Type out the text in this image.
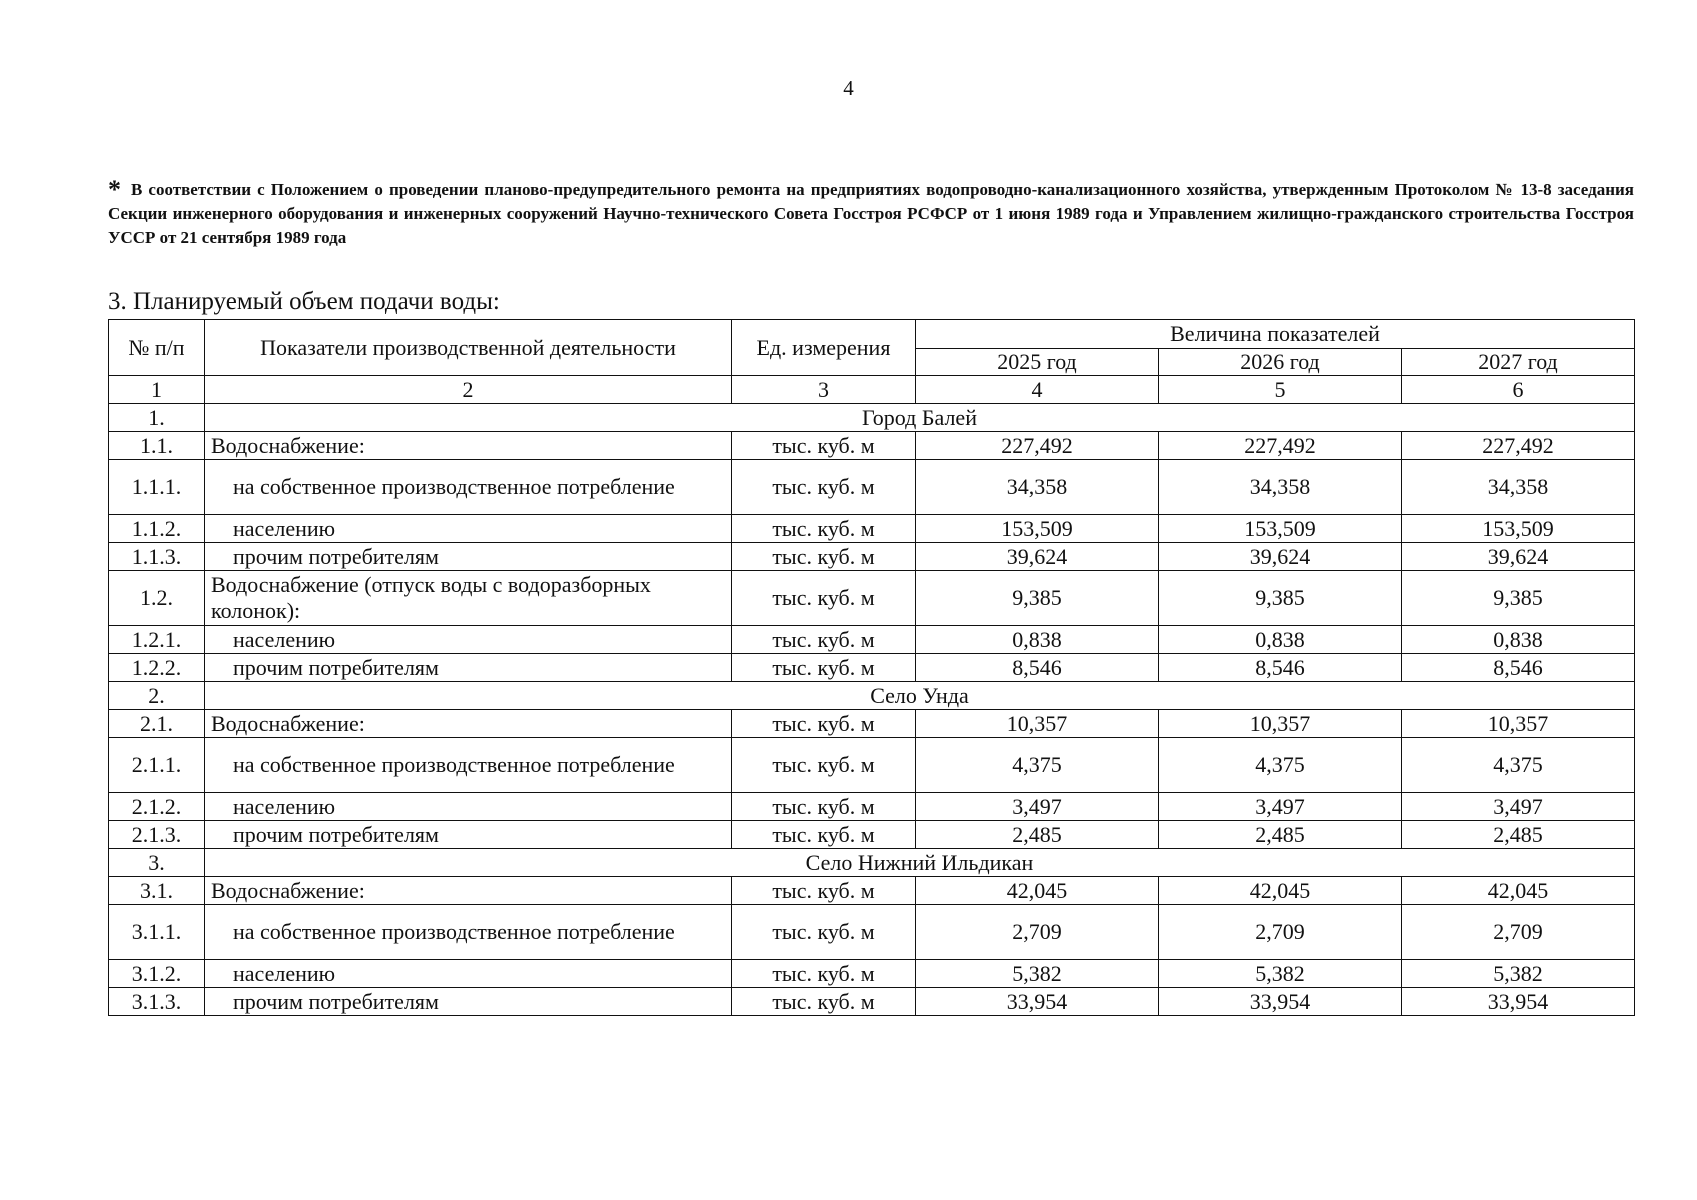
4
* В соответствии с Положением о проведении планово-предупредительного ремонта на предприятиях водопроводно-канализационного хозяйства, утвержденным Протоколом № 13-8 заседания Секции инженерного оборудования и инженерных сооружений Научно-технического Совета Госстроя РСФСР от 1 июня 1989 года и Управлением жилищно-гражданского строительства Госстроя УССР от 21 сентября 1989 года
3. Планируемый объем подачи воды:
№ п/п	Показатели производственной деятельности	Ед. измерения	Величина показателей		
			2025 год	2026 год	2027 год
1	2	3	4	5	6
1.	Город Балей				
1.1.	Водоснабжение:	тыс. куб. м	227,492	227,492	227,492
1.1.1.	на собственное производственное потребление	тыс. куб. м	34,358	34,358	34,358
1.1.2.	населению	тыс. куб. м	153,509	153,509	153,509
1.1.3.	прочим потребителям	тыс. куб. м	39,624	39,624	39,624
1.2.	Водоснабжение (отпуск воды с водоразборных колонок):	тыс. куб. м	9,385	9,385	9,385
1.2.1.	населению	тыс. куб. м	0,838	0,838	0,838
1.2.2.	прочим потребителям	тыс. куб. м	8,546	8,546	8,546
2.	Село Унда				
2.1.	Водоснабжение:	тыс. куб. м	10,357	10,357	10,357
2.1.1.	на собственное производственное потребление	тыс. куб. м	4,375	4,375	4,375
2.1.2.	населению	тыс. куб. м	3,497	3,497	3,497
2.1.3.	прочим потребителям	тыс. куб. м	2,485	2,485	2,485
3.	Село Нижний Ильдикан				
3.1.	Водоснабжение:	тыс. куб. м	42,045	42,045	42,045
3.1.1.	на собственное производственное потребление	тыс. куб. м	2,709	2,709	2,709
3.1.2.	населению	тыс. куб. м	5,382	5,382	5,382
3.1.3.	прочим потребителям	тыс. куб. м	33,954	33,954	33,954
